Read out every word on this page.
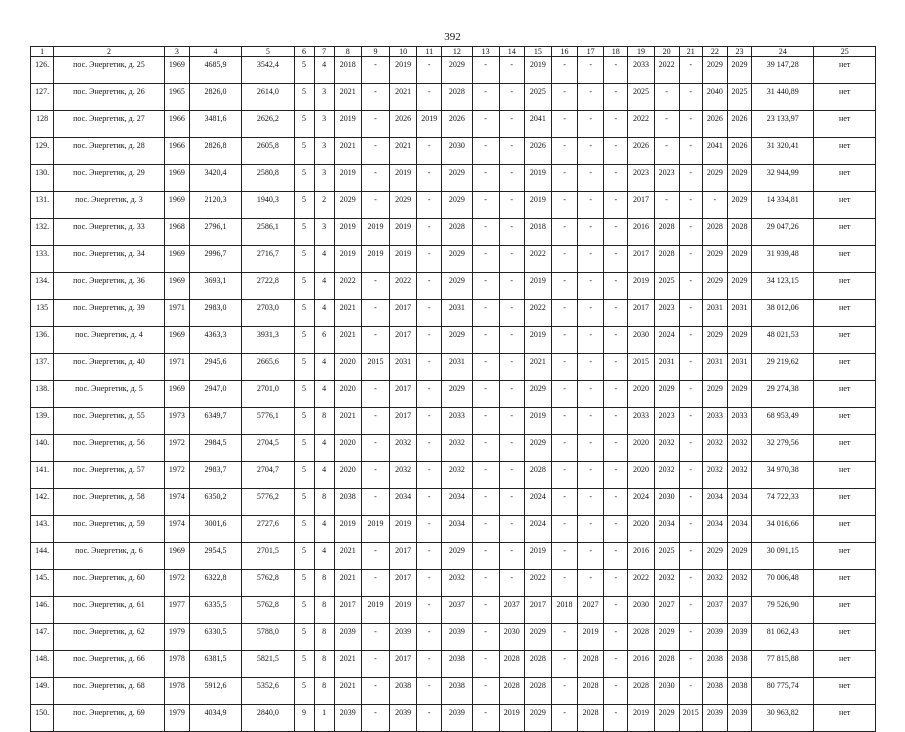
392
1	2	3	4	5	6	7	8	9	10	11	12	13	14	15	16	17	18	19	20	21	22	23	24	25
126.	пос. Энергетик, д. 25	1969	4685,9	3542,4	5	4	2018	-	2019	-	2029	-	-	2019	-	-	-	2033	2022	-	2029	2029	39 147,28	нет
127.	пос. Энергетик, д. 26	1965	2826,0	2614,0	5	3	2021	-	2021	-	2028	-	-	2025	-	-	-	2025	-	-	2040	2025	31 440,89	нет
128	пос. Энергетик, д. 27	1966	3481,6	2626,2	5	3	2019	-	2026	2019	2026	-	-	2041	-	-	-	2022	-	-	2026	2026	23 133,97	нет
129.	пос. Энергетик, д. 28	1966	2826,8	2605,8	5	3	2021	-	2021	-	2030	-	-	2026	-	-	-	2026	-	-	2041	2026	31 320,41	нет
130.	пос. Энергетик, д. 29	1969	3420,4	2580,8	5	3	2019	-	2019	-	2029	-	-	2019	-	-	-	2023	2023	-	2029	2029	32 944,99	нет
131.	пос. Энергетик, д. 3	1969	2120,3	1940,3	5	2	2029	-	2029	-	2029	-	-	2019	-	-	-	2017	-	-	-	2029	14 334,81	нет
132.	пос. Энергетик, д. 33	1968	2796,1	2586,1	5	3	2019	2019	2019	-	2028	-	-	2018	-	-	-	2016	2028	-	2028	2028	29 047,26	нет
133.	пос. Энергетик, д. 34	1969	2996,7	2716,7	5	4	2019	2019	2019	-	2029	-	-	2022	-	-	-	2017	2028	-	2029	2029	31 939,48	нет
134.	пос. Энергетик, д. 36	1969	3693,1	2722,8	5	4	2022	-	2022	-	2029	-	-	2019	-	-	-	2019	2025	-	2029	2029	34 123,15	нет
135	пос. Энергетик, д. 39	1971	2983,0	2703,0	5	4	2021	-	2017	-	2031	-	-	2022	-	-	-	2017	2023	-	2031	2031	38 012,06	нет
136.	пос. Энергетик, д. 4	1969	4363,3	3931,3	5	6	2021	-	2017	-	2029	-	-	2019	-	-	-	2030	2024	-	2029	2029	48 021,53	нет
137.	пос. Энергетик, д. 40	1971	2945,6	2665,6	5	4	2020	2015	2031	-	2031	-	-	2021	-	-	-	2015	2031	-	2031	2031	29 219,62	нет
138.	пос. Энергетик, д. 5	1969	2947,0	2701,0	5	4	2020	-	2017	-	2029	-	-	2029	-	-	-	2020	2029	-	2029	2029	29 274,38	нет
139.	пос. Энергетик, д. 55	1973	6349,7	5776,1	5	8	2021	-	2017	-	2033	-	-	2019	-	-	-	2033	2023	-	2033	2033	68 953,49	нет
140.	пос. Энергетик, д. 56	1972	2984,5	2704,5	5	4	2020	-	2032	-	2032	-	-	2029	-	-	-	2020	2032	-	2032	2032	32 279,56	нет
141.	пос. Энергетик, д. 57	1972	2983,7	2704,7	5	4	2020	-	2032	-	2032	-	-	2028	-	-	-	2020	2032	-	2032	2032	34 970,38	нет
142.	пос. Энергетик, д. 58	1974	6350,2	5776,2	5	8	2038	-	2034	-	2034	-	-	2024	-	-	-	2024	2030	-	2034	2034	74 722,33	нет
143.	пос. Энергетик, д. 59	1974	3001,6	2727,6	5	4	2019	2019	2019	-	2034	-	-	2024	-	-	-	2020	2034	-	2034	2034	34 016,66	нет
144.	пос. Энергетик, д. 6	1969	2954,5	2701,5	5	4	2021	-	2017	-	2029	-	-	2019	-	-	-	2016	2025	-	2029	2029	30 091,15	нет
145.	пос. Энергетик, д. 60	1972	6322,8	5762,8	5	8	2021	-	2017	-	2032	-	-	2022	-	-	-	2022	2032	-	2032	2032	70 006,48	нет
146.	пос. Энергетик, д. 61	1977	6335,5	5762,8	5	8	2017	2019	2019	-	2037	-	2037	2017	2018	2027	-	2030	2027	-	2037	2037	79 526,90	нет
147.	пос. Энергетик, д. 62	1979	6330,5	5788,0	5	8	2039	-	2039	-	2039	-	2030	2029	-	2019	-	2028	2029	-	2039	2039	81 062,43	нет
148.	пос. Энергетик, д. 66	1978	6381,5	5821,5	5	8	2021	-	2017	-	2038	-	2028	2028	-	2028	-	2016	2028	-	2038	2038	77 815,88	нет
149.	пос. Энергетик, д. 68	1978	5912,6	5352,6	5	8	2021	-	2038	-	2038	-	2028	2028	-	2028	-	2028	2030	-	2038	2038	80 775,74	нет
150.	пос. Энергетик, д. 69	1979	4034,9	2840,0	9	1	2039	-	2039	-	2039	-	2019	2029	-	2028	-	2019	2029	2015	2039	2039	30 963,82	нет
